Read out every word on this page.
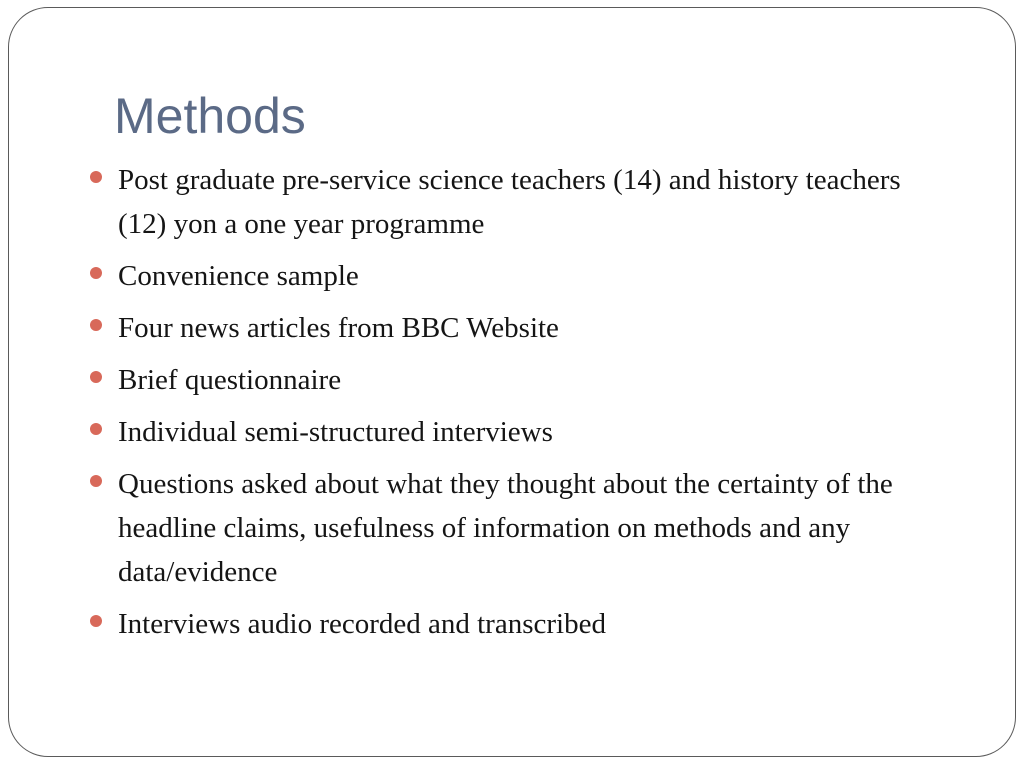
Methods
Post graduate pre-service science teachers (14) and history teachers (12) yon a one year programme
Convenience sample
Four news articles from BBC Website
Brief questionnaire
Individual semi-structured interviews
Questions asked about what they thought about the certainty of the headline claims, usefulness of information on methods and any data/evidence
Interviews audio recorded and transcribed
